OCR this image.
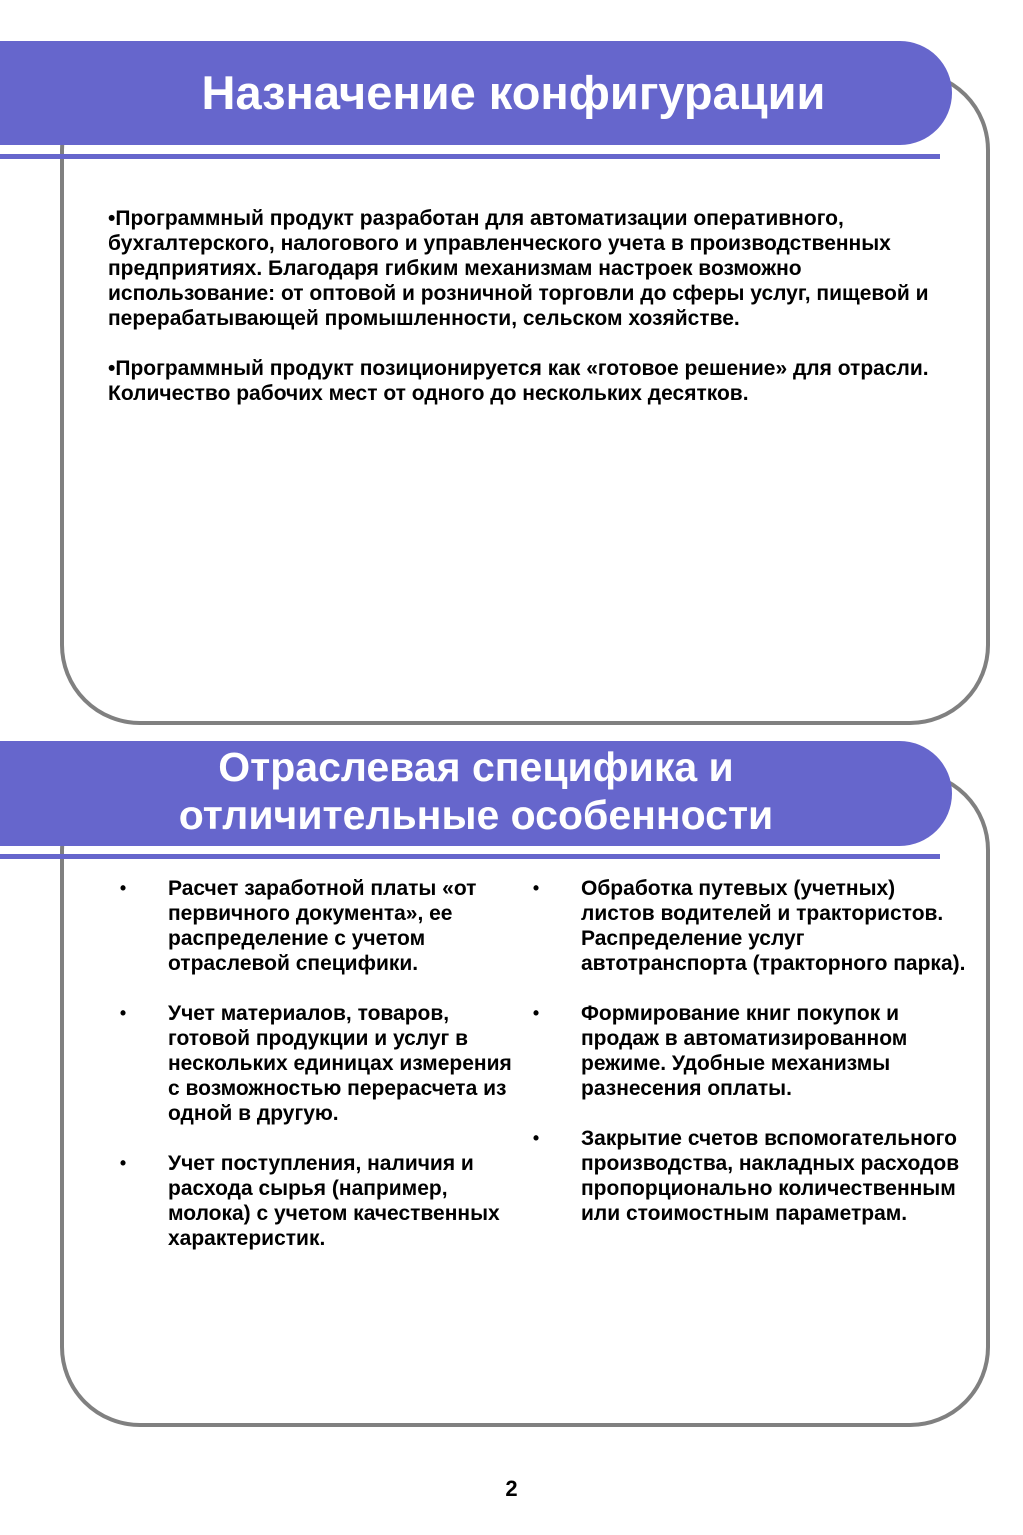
Назначение конфигурации

•Программный продукт разработан для автоматизации оперативного, бухгалтерского, налогового и управленческого учета в производственных предприятиях. Благодаря гибким механизмам настроек возможно использование: от оптовой и розничной торговли до сферы услуг, пищевой и перерабатывающей промышленности, сельском хозяйстве.

•Программный продукт позиционируется как «готовое решение» для отрасли. Количество рабочих мест от одного до нескольких десятков.

Отраслевая специфика и
отличительные особенности
•	Расчет заработной платы «от первичного документа», ее распределение с учетом отраслевой специфики.
•	Учет материалов, товаров, готовой продукции и услуг в нескольких единицах измерения с возможностью перерасчета из одной в другую.
•	Учет поступления, наличия и расхода сырья (например, молока) с учетом качественных характеристик.
•	Обработка путевых (учетных) листов водителей и трактористов. Распределение услуг автотранспорта (тракторного парка).
•	Формирование книг покупок и продаж в автоматизированном режиме. Удобные механизмы разнесения оплаты.
•	Закрытие счетов вспомогательного производства, накладных расходов пропорционально количественным или стоимостным параметрам.
2
